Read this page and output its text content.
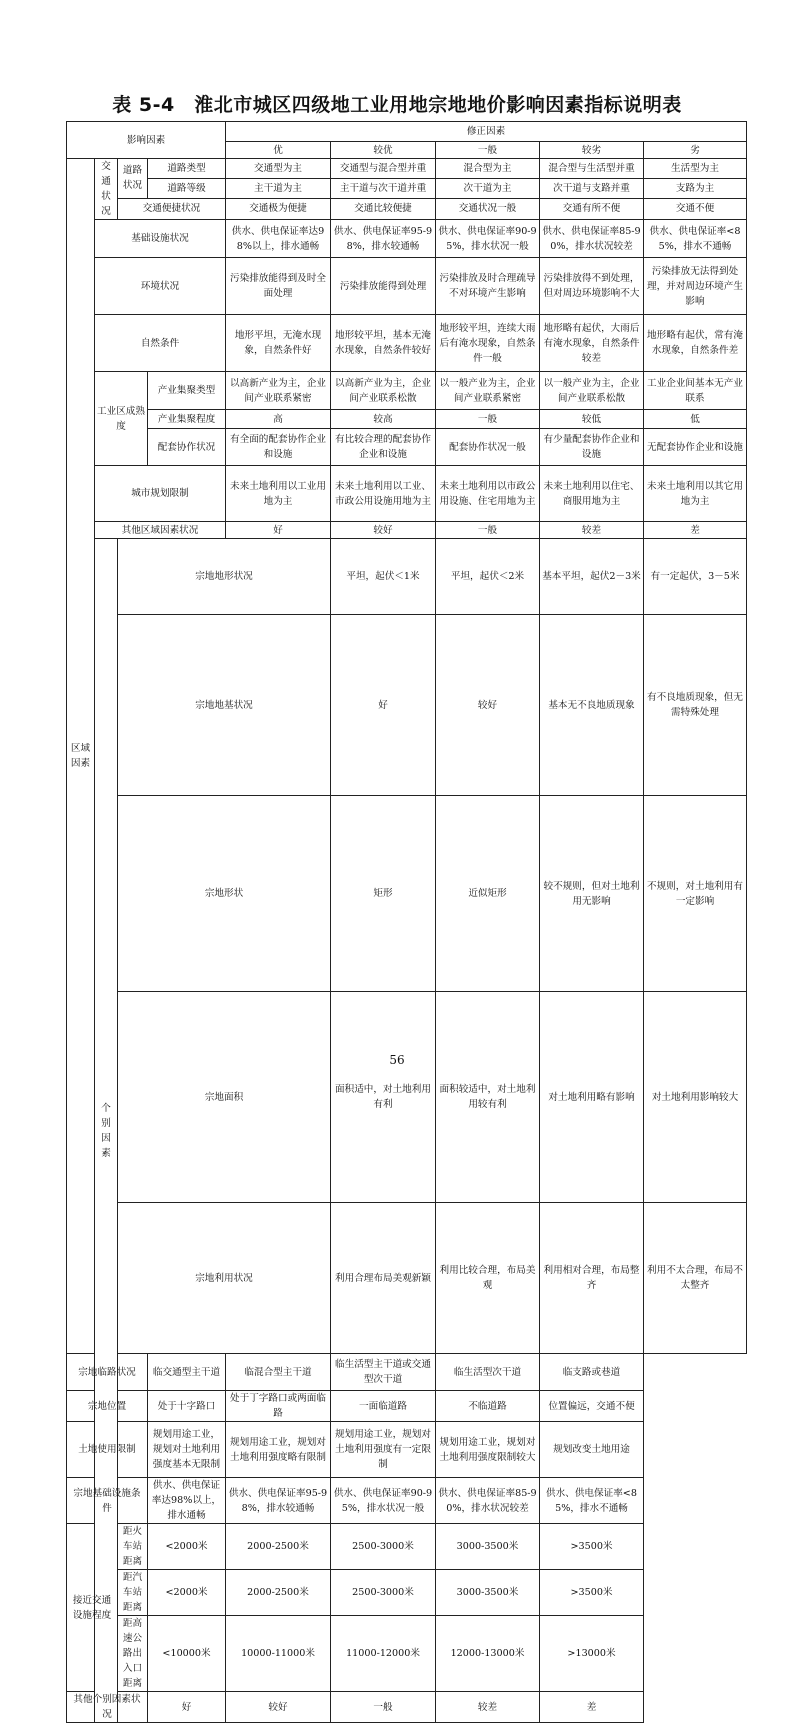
表 5-4　淮北市城区四级地工业用地宗地地价影响因素指标说明表
影响因素				修正因素					
				优	较优	一般	较劣	劣	
区域因素	交通状况	道路状况	道路类型	交通型为主	交通型与混合型并重	混合型为主	混合型与生活型并重	生活型为主	
			道路等级	主干道为主	主干道与次干道并重	次干道为主	次干道与支路并重	支路为主	
		交通便捷状况		交通极为便捷	交通比较便捷	交通状况一般	交通有所不便	交通不便	
	基础设施状况			供水、供电保证率达98%以上，排水通畅	供水、供电保证率95-98%，排水较通畅	供水、供电保证率90-95%，排水状况一般	供水、供电保证率85-90%，排水状况较差	供水、供电保证率<85%，排水不通畅	
	环境状况			污染排放能得到及时全面处理	污染排放能得到处理	污染排放及时合理疏导不对环境产生影响	污染排放得不到处理，但对周边环境影响不大	污染排放无法得到处理，并对周边环境产生影响	
	自然条件			地形平坦，无淹水现象，自然条件好	地形较平坦，基本无淹水现象，自然条件较好	地形较平坦，连续大雨后有淹水现象，自然条件一般	地形略有起伏，大雨后有淹水现象，自然条件较差	地形略有起伏，常有淹水现象，自然条件差	
	工业区成熟度		产业集聚类型	以高新产业为主，企业间产业联系紧密	以高新产业为主，企业间产业联系松散	以一般产业为主，企业间产业联系紧密	以一般产业为主，企业间产业联系松散	工业企业间基本无产业联系	
			产业集聚程度	高	较高	一般	较低	低	
			配套协作状况	有全面的配套协作企业和设施	有比较合理的配套协作企业和设施	配套协作状况一般	有少量配套协作企业和设施	无配套协作企业和设施	
	城市规划限制			未来土地利用以工业用地为主	未来土地利用以工业、市政公用设施用地为主	未来土地利用以市政公用设施、住宅用地为主	未来土地利用以住宅、商服用地为主	未来土地利用以其它用地为主	
	其他区域因素状况			好	较好	一般	较差	差	
	个别因素	宗地地形状况			平坦，起伏＜1米	平坦，起伏＜2米	基本平坦，起伏2－3米	有一定起伏，3－5米	
		宗地地基状况			好	较好	基本无不良地质现象	有不良地质现象，但无需特殊处理	
		宗地形状			矩形	近似矩形	较不规则，但对土地利用无影响	不规则，对土地利用有一定影响	
		宗地面积			面积适中，对土地利用有利	面积较适中，对土地利用较有利	对土地利用略有影响	对土地利用影响较大	
		宗地利用状况			利用合理布局美观新颖	利用比较合理，布局美观	利用相对合理，布局整齐	利用不太合理，布局不太整齐	
宗地临路状况			临交通型主干道	临混合型主干道	临生活型主干道或交通型次干道	临生活型次干道	临支路或巷道		
宗地位置			处于十字路口	处于丁字路口或两面临路	一面临道路	不临道路	位置偏远，交通不便		
土地使用限制			规划用途工业，规划对土地利用强度基本无限制	规划用途工业，规划对土地利用强度略有限制	规划用途工业，规划对土地利用强度有一定限制	规划用途工业，规划对土地利用强度限制较大	规划改变土地用途		
宗地基础设施条件			供水、供电保证率达98%以上，排水通畅	供水、供电保证率95-98%，排水较通畅	供水、供电保证率90-95%，排水状况一般	供水、供电保证率85-90%，排水状况较差	供水、供电保证率<85%，排水不通畅		
接近交通设施程度		距火车站距离	<2000米	2000-2500米	2500-3000米	3000-3500米	>3500米		
		距汽车站距离	<2000米	2000-2500米	2500-3000米	3000-3500米	>3500米		
		距高速公路出入口距离	<10000米	10000-11000米	11000-12000米	12000-13000米	>13000米		
其他个别因素状况			好	较好	一般	较差	差		
56
